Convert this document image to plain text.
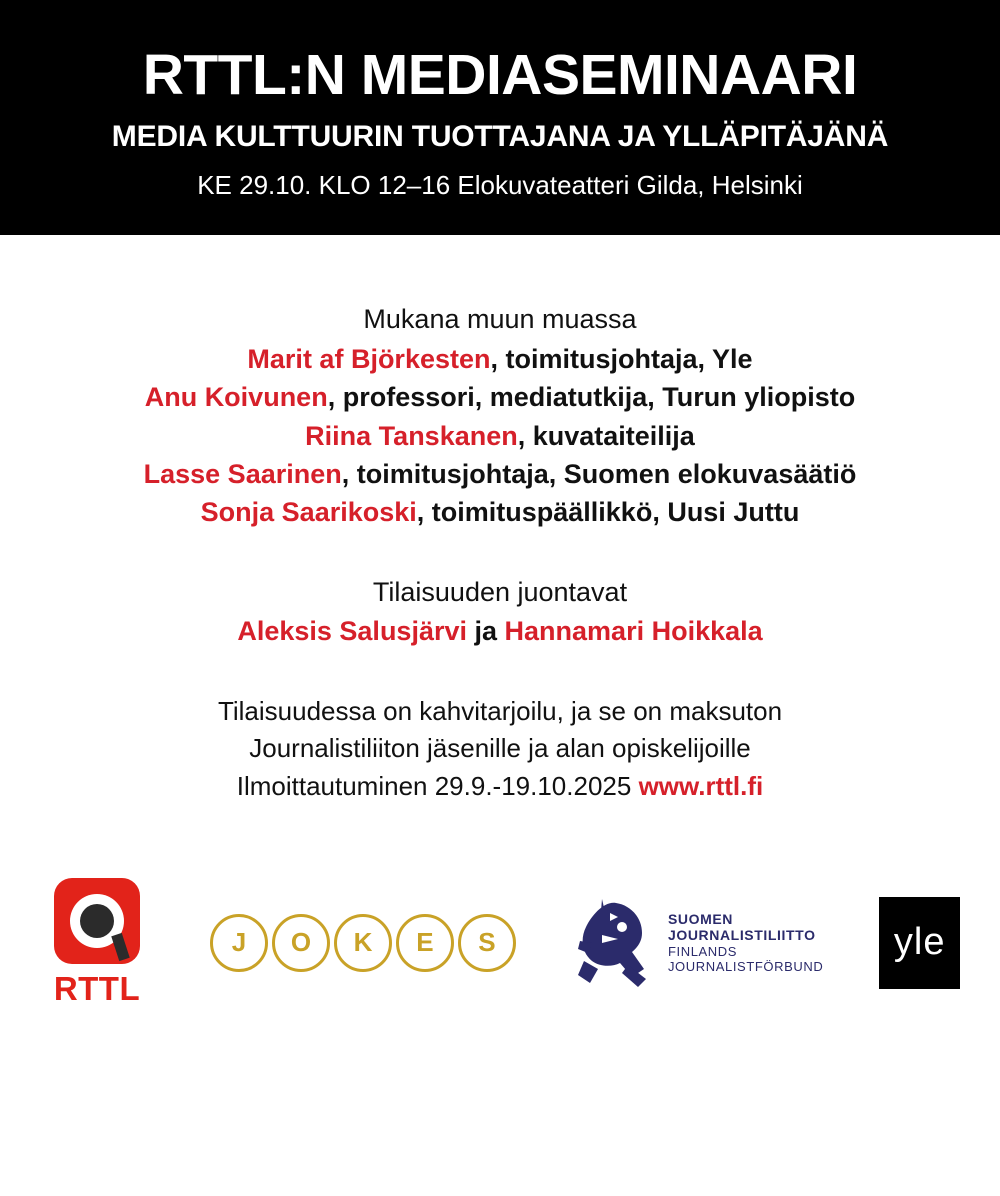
RTTL:N MEDIASEMINAARI
MEDIA KULTTUURIN TUOTTAJANA JA YLLÄPITÄJÄNÄ
KE 29.10. KLO 12–16 Elokuvateatteri Gilda, Helsinki

Mukana muun muassa

Marit af Björkesten, toimitusjohtaja, Yle

Anu Koivunen, professori, mediatutkija, Turun yliopisto

Riina Tanskanen, kuvataiteilija

Lasse Saarinen, toimitusjohtaja, Suomen elokuvasäätiö

Sonja Saarikoski, toimituspäällikkö, Uusi Juttu

Tilaisuuden juontavat

Aleksis Salusjärvi ja Hannamari Hoikkala

Tilaisuudessa on kahvitarjoilu, ja se on maksuton

Journalistiliiton jäsenille ja alan opiskelijoille

Ilmoittautuminen 29.9.-19.10.2025 www.rttl.fi

RTTL
J	O	K	E	S
SUOMEN
JOURNALISTILIITTO
FINLANDS
JOURNALISTFÖRBUND
yle
